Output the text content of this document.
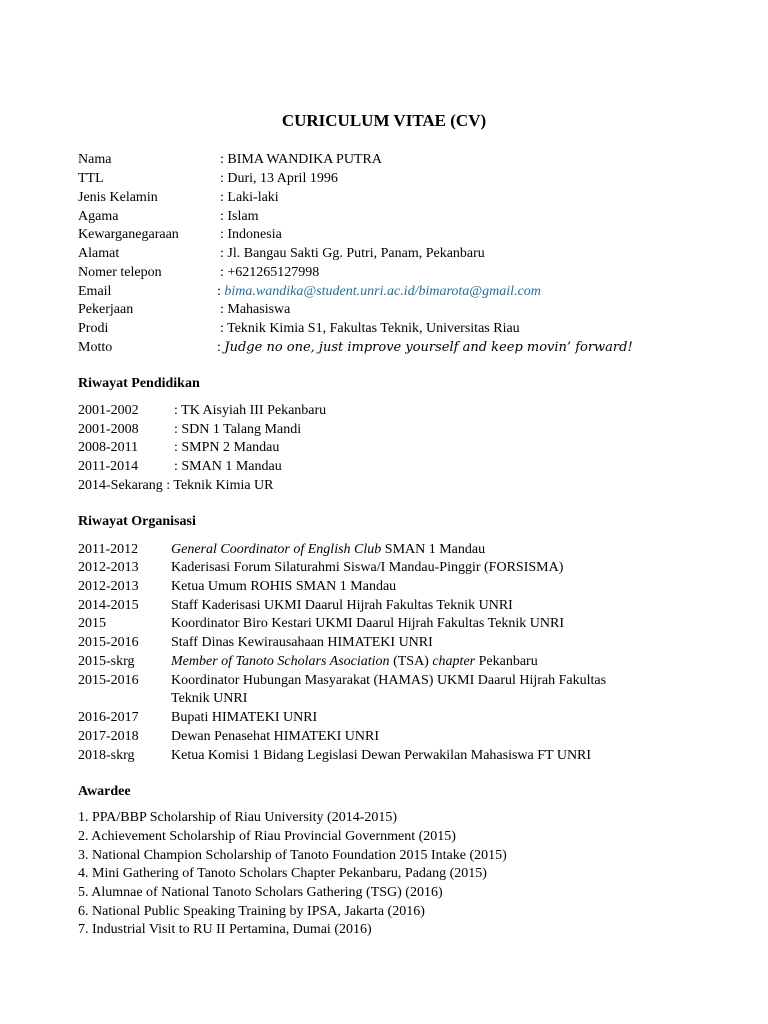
CURICULUM VITAE (CV)
Nama	: BIMA WANDIKA PUTRA
TTL	: Duri, 13 April 1996
Jenis Kelamin	: Laki-laki
Agama	: Islam
Kewarganegaraan	: Indonesia
Alamat	: Jl. Bangau Sakti Gg. Putri, Panam, Pekanbaru
Nomer telepon	: +621265127998
Email	: bima.wandika@student.unri.ac.id/bimarota@gmail.com
Pekerjaan	: Mahasiswa
Prodi	: Teknik Kimia S1, Fakultas Teknik, Universitas Riau
Motto	: Judge no one, just improve yourself and keep movin’ forward!
Riwayat Pendidikan
2001-2002	: TK Aisyiah III Pekanbaru
2001-2008	: SDN 1 Talang Mandi
2008-2011	: SMPN 2 Mandau
2011-2014	: SMAN 1 Mandau
2014-Sekarang : Teknik Kimia UR
Riwayat Organisasi
2011-2012 General Coordinator of English Club SMAN 1 Mandau
2012-2013 Kaderisasi Forum Silaturahmi Siswa/I Mandau-Pinggir (FORSISMA)
2012-2013 Ketua Umum ROHIS SMAN 1 Mandau
2014-2015 Staff Kaderisasi UKMI Daarul Hijrah Fakultas Teknik UNRI
2015	Koordinator Biro Kestari UKMI Daarul Hijrah Fakultas Teknik UNRI
2015-2016 Staff Dinas Kewirausahaan HIMATEKI UNRI
2015-skrg	Member of Tanoto Scholars Asociation (TSA) chapter Pekanbaru
2015-2016 Koordinator Hubungan Masyarakat (HAMAS) UKMI Daarul Hijrah Fakultas
Teknik UNRI
2016-2017 Bupati HIMATEKI UNRI
2017-2018 Dewan Penasehat HIMATEKI UNRI
2018-skrg	Ketua Komisi 1 Bidang Legislasi Dewan Perwakilan Mahasiswa FT UNRI
Awardee
1. PPA/BBP Scholarship of Riau University (2014-2015)
2. Achievement Scholarship of Riau Provincial Government (2015)
3. National Champion Scholarship of Tanoto Foundation 2015 Intake (2015)
4. Mini Gathering of Tanoto Scholars Chapter Pekanbaru, Padang (2015)
5. Alumnae of National Tanoto Scholars Gathering (TSG) (2016)
6. National Public Speaking Training by IPSA, Jakarta (2016)
7. Industrial Visit to RU II Pertamina, Dumai (2016)
